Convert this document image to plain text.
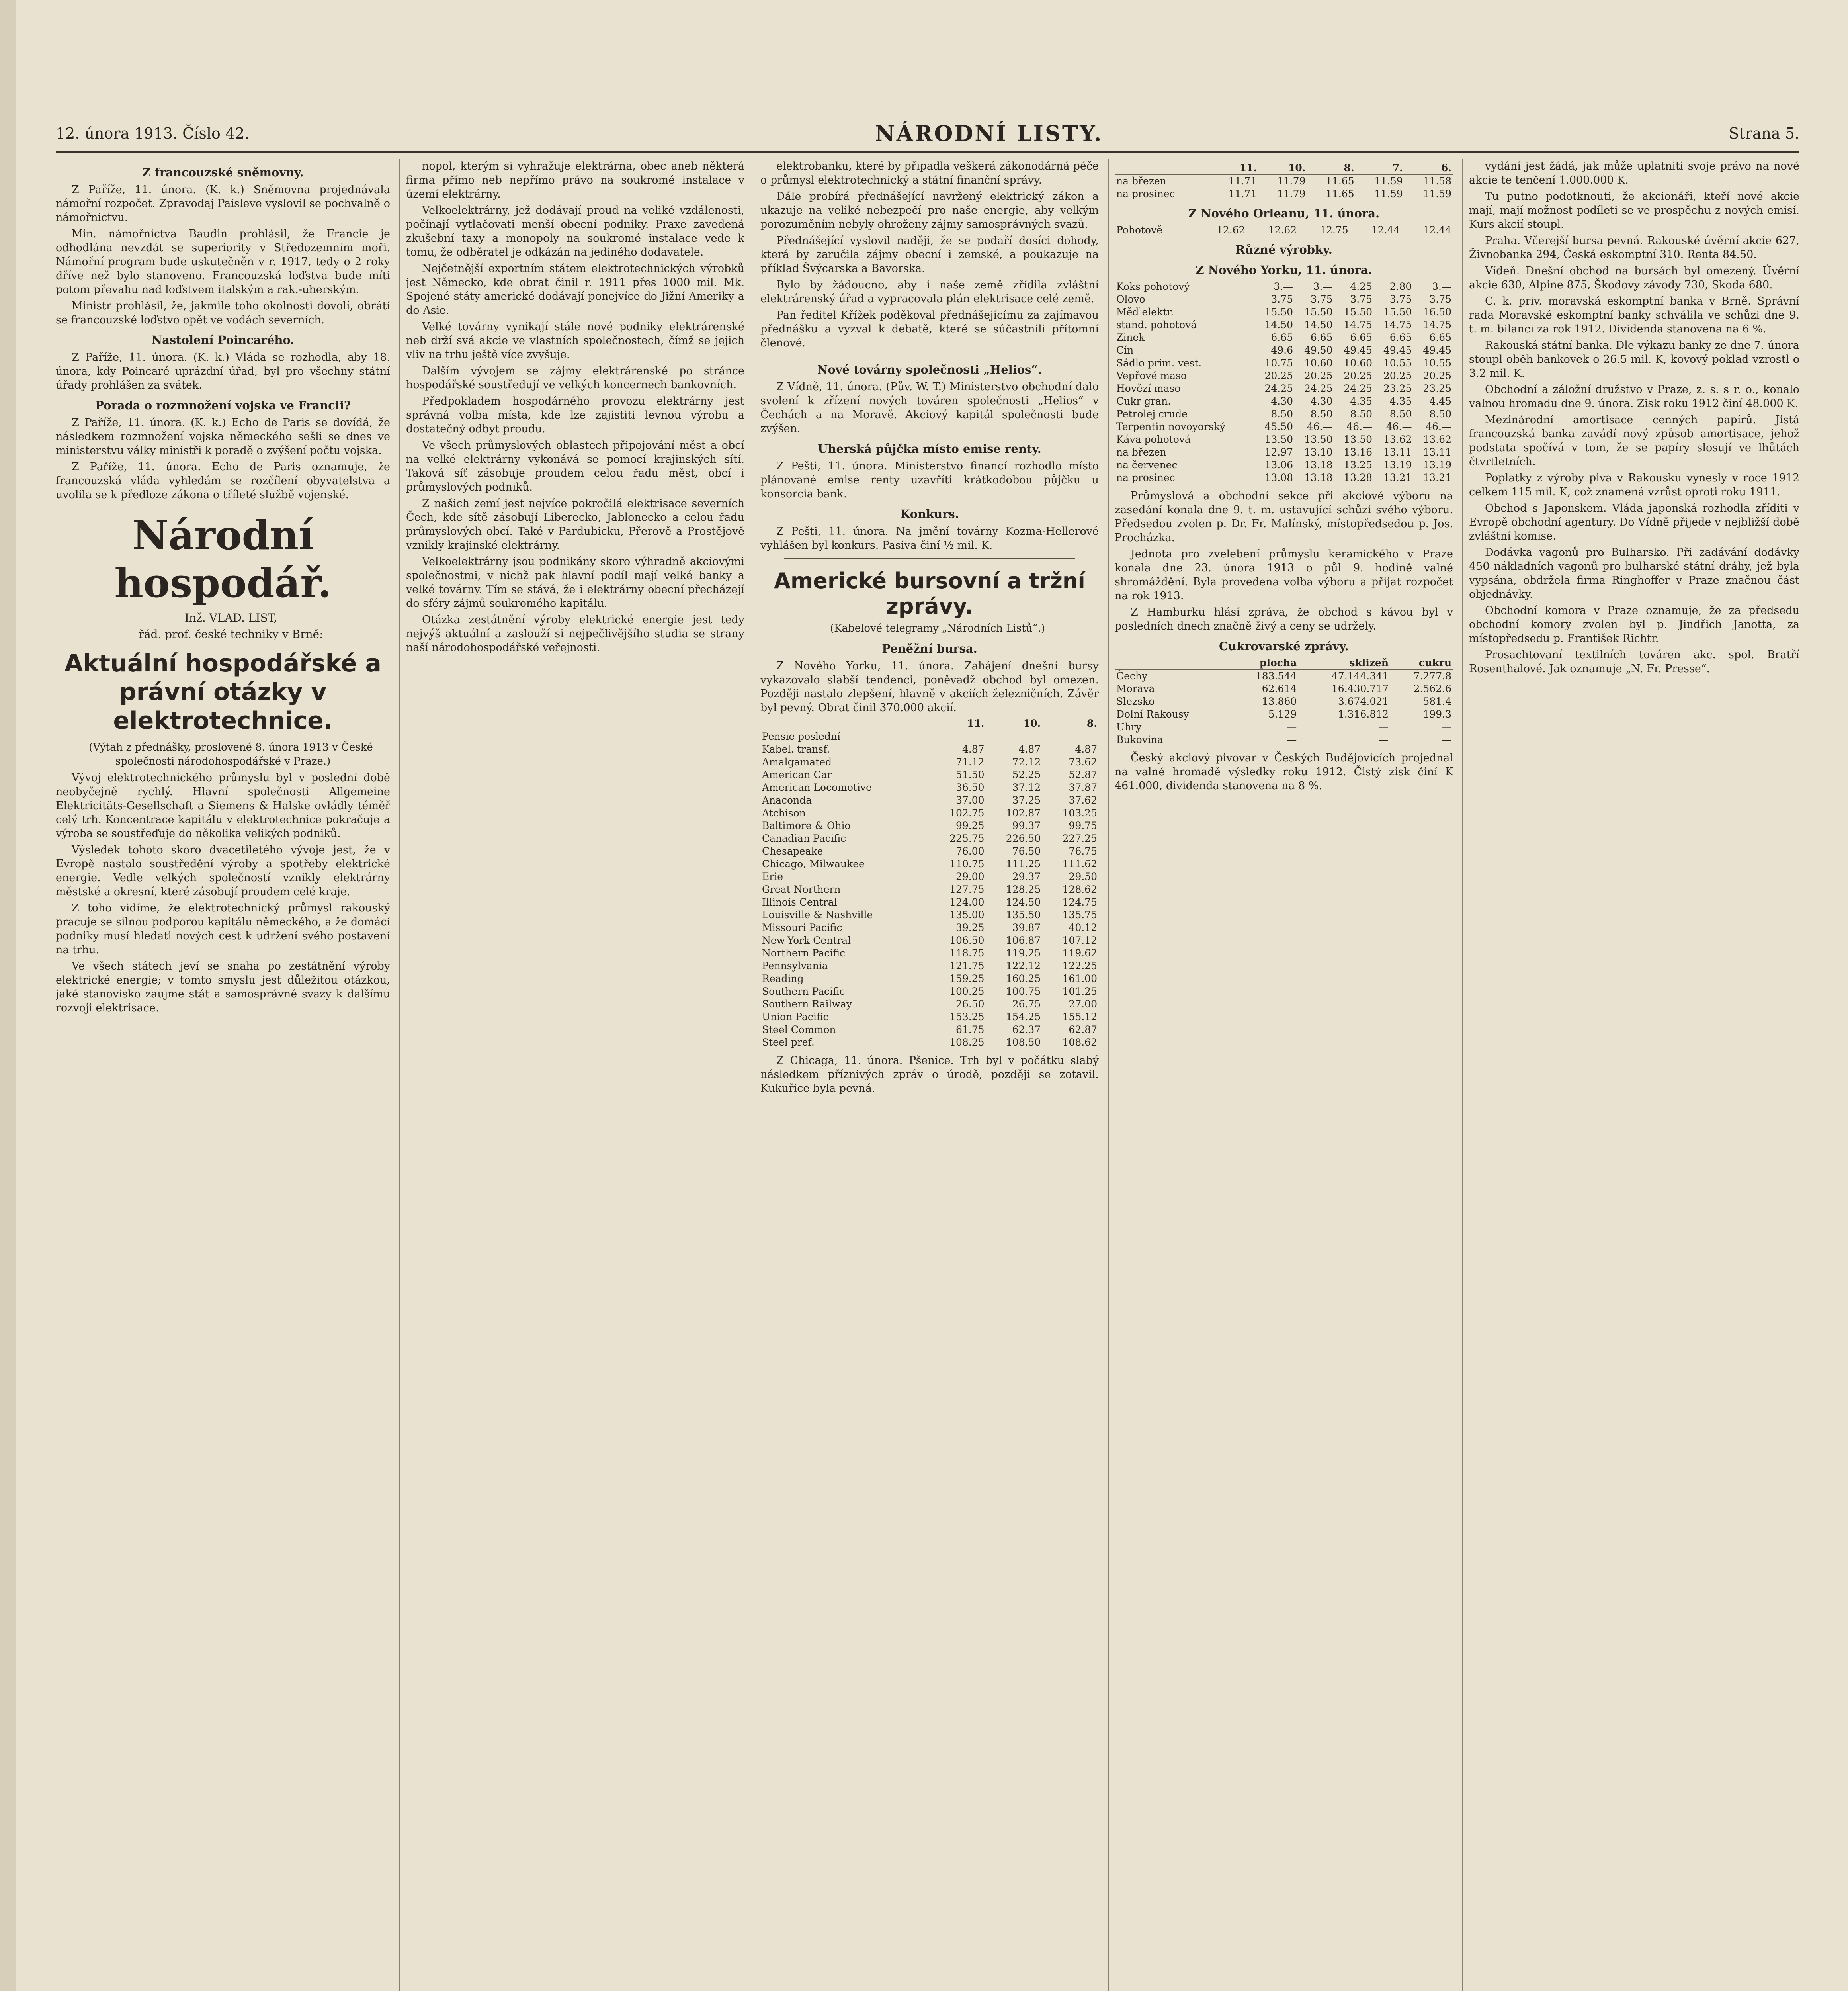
12. února 1913. Číslo 42.	NÁRODNÍ LISTY.	Strana 5.

Z francouzské sněmovny.

Z Paříže, 11. února. (K. k.) Sněmovna projednávala námořní rozpočet. Zpravodaj Paisleve vyslovil se pochvalně o námořnictvu.

Min. námořnictva Baudin prohlásil, že Francie je odhodlána nevzdát se superiority v Středozemním moři. Námořní program bude uskutečněn v r. 1917, tedy o 2 roky dříve než bylo stanoveno. Francouzská loďstva bude míti potom převahu nad loďstvem italským a rak.-uherským.

Ministr prohlásil, že, jakmile toho okolnosti dovolí, obrátí se francouzské loďstvo opět ve vodách severních.

Nastolení Poincarého.

Z Paříže, 11. února. (K. k.) Vláda se rozhodla, aby 18. února, kdy Poincaré uprázdní úřad, byl pro všechny státní úřady prohlášen za svátek.

Porada o rozmnožení vojska ve Francii?

Z Paříže, 11. února. (K. k.) Echo de Paris se dovídá, že následkem rozmnožení vojska německého sešli se dnes ve ministerstvu války ministři k poradě o zvýšení počtu vojska.

Z Paříže, 11. února. Echo de Paris oznamuje, že francouzská vláda vyhledám se rozčílení obyvatelstva a uvolila se k předloze zákona o tříleté službě vojenské.

Národní hospodář.

Inž. VLAD. LIST,

řád. prof. české techniky v Brně:

Aktuální hospodářské a právní otázky v elektrotechnice.

(Výtah z přednášky, proslovené 8. února 1913 v České společnosti národohospodářské v Praze.)

Vývoj elektrotechnického průmyslu byl v poslední době neobyčejně rychlý. Hlavní společnosti Allgemeine Elektricitäts-Gesellschaft a Siemens & Halske ovládly téměř celý trh. Koncentrace kapitálu v elektrotechnice pokračuje a výroba se soustřeďuje do několika velikých podniků.

Výsledek tohoto skoro dvacetiletého vývoje jest, že v Evropě nastalo soustředění výroby a spotřeby elektrické energie. Vedle velkých společností vznikly elektrárny městské a okresní, které zásobují proudem celé kraje.

Z toho vidíme, že elektrotechnický průmysl rakouský pracuje se silnou podporou kapitálu německého, a že domácí podniky musí hledati nových cest k udržení svého postavení na trhu.

Ve všech státech jeví se snaha po zestátnění výroby elektrické energie; v tomto smyslu jest důležitou otázkou, jaké stanovisko zaujme stát a samosprávné svazy k dalšímu rozvoji elektrisace.

nopol, kterým si vyhražuje elektrárna, obec aneb některá firma přímo neb nepřímo právo na soukromé instalace v území elektrárny.

Velkoelektrárny, jež dodávají proud na veliké vzdálenosti, počínají vytlačovati menší obecní podniky. Praxe zavedená zkušební taxy a monopoly na soukromé instalace vede k tomu, že odběratel je odkázán na jediného dodavatele.

Nejčetnější exportním státem elektrotechnických výrobků jest Německo, kde obrat činil r. 1911 přes 1000 mil. Mk. Spojené státy americké dodávají ponejvíce do Jižní Ameriky a do Asie.

Velké továrny vynikají stále nové podniky elektrárenské neb drží svá akcie ve vlastních společnostech, čímž se jejich vliv na trhu ještě více zvyšuje.

Dalším vývojem se zájmy elektrárenské po stránce hospodářské soustředují ve velkých koncernech bankovních.

Předpokladem hospodárného provozu elektrárny jest správná volba místa, kde lze zajistiti levnou výrobu a dostatečný odbyt proudu.

Ve všech průmyslových oblastech připojování měst a obcí na velké elektrárny vykonává se pomocí krajinských sítí. Taková síť zásobuje proudem celou řadu měst, obcí i průmyslových podniků.

Z našich zemí jest nejvíce pokročilá elektrisace severních Čech, kde sítě zásobují Liberecko, Jablonecko a celou řadu průmyslových obcí. Také v Pardubicku, Přerově a Prostějově vznikly krajinské elektrárny.

Velkoelektrárny jsou podnikány skoro výhradně akciovými společnostmi, v nichž pak hlavní podíl mají velké banky a velké továrny. Tím se stává, že i elektrárny obecní přecházejí do sféry zájmů soukromého kapitálu.

Otázka zestátnění výroby elektrické energie jest tedy nejvýš aktuální a zaslouží si nejpečlivějšího studia se strany naší národohospodářské veřejnosti.

elektrobanku, které by připadla veškerá zákonodárná péče o průmysl elektrotechnický a státní finanční správy.

Dále probírá přednášející navržený elektrický zákon a ukazuje na veliké nebezpečí pro naše energie, aby velkým porozuměním nebyly ohroženy zájmy samosprávných svazů.

Přednášející vyslovil naději, že se podaří dosíci dohody, která by zaručila zájmy obecní i zemské, a poukazuje na příklad Švýcarska a Bavorska.

Bylo by žádoucno, aby i naše země zřídila zvláštní elektrárenský úřad a vypracovala plán elektrisace celé země.

Pan ředitel Křížek poděkoval přednášejícímu za zajímavou přednášku a vyzval k debatě, které se súčastnili přítomní členové.

Nové továrny společnosti „Helios“.

Z Vídně, 11. února. (Pův. W. T.) Ministerstvo obchodní dalo svolení k zřízení nových továren společnosti „Helios“ v Čechách a na Moravě. Akciový kapitál společnosti bude zvýšen.

Uherská půjčka místo emise renty.

Z Pešti, 11. února. Ministerstvo financí rozhodlo místo plánované emise renty uzavříti krátkodobou půjčku u konsorcia bank.

Konkurs.

Z Pešti, 11. února. Na jmění továrny Kozma-Hellerové vyhlášen byl konkurs. Pasiva činí ½ mil. K.

Americké bursovní a tržní zprávy.

(Kabelové telegramy „Národních Listů“.)

Peněžní bursa.

Z Nového Yorku, 11. února. Zahájení dnešní bursy vykazovalo slabší tendenci, poněvadž obchod byl omezen. Později nastalo zlepšení, hlavně v akciích železničních. Závěr byl pevný. Obrat činil 370.000 akcií.

	11.	10.	8.
Pensie poslední	—	—	—
Kabel. transf.	4.87	4.87	4.87
Amalgamated	71.12	72.12	73.62
American Car	51.50	52.25	52.87
American Locomotive	36.50	37.12	37.87
Anaconda	37.00	37.25	37.62
Atchison	102.75	102.87	103.25
Baltimore & Ohio	99.25	99.37	99.75
Canadian Pacific	225.75	226.50	227.25
Chesapeake	76.00	76.50	76.75
Chicago, Milwaukee	110.75	111.25	111.62
Erie	29.00	29.37	29.50
Great Northern	127.75	128.25	128.62
Illinois Central	124.00	124.50	124.75
Louisville & Nashville	135.00	135.50	135.75
Missouri Pacific	39.25	39.87	40.12
New-York Central	106.50	106.87	107.12
Northern Pacific	118.75	119.25	119.62
Pennsylvania	121.75	122.12	122.25
Reading	159.25	160.25	161.00
Southern Pacific	100.25	100.75	101.25
Southern Railway	26.50	26.75	27.00
Union Pacific	153.25	154.25	155.12
Steel Common	61.75	62.37	62.87
Steel pref.	108.25	108.50	108.62

Z Chicaga, 11. února. Pšenice. Trh byl v počátku slabý následkem příznivých zpráv o úrodě, později se zotavil. Kukuřice byla pevná.

	11.	10.	8.	7.	6.
na březen	11.71	11.79	11.65	11.59	11.58
na prosinec	11.71	11.79	11.65	11.59	11.59

Z Nového Orleanu, 11. února.

Pohotově	12.62	12.62	12.75	12.44	12.44

Různé výrobky.

Z Nového Yorku, 11. února.

Koks pohotový	3.—	3.—	4.25	2.80	3.—
Olovo	3.75	3.75	3.75	3.75	3.75
Měď elektr.	15.50	15.50	15.50	15.50	16.50
stand. pohotová	14.50	14.50	14.75	14.75	14.75
Zinek	6.65	6.65	6.65	6.65	6.65
Cín	49.6	49.50	49.45	49.45	49.45
Sádlo prim. vest.	10.75	10.60	10.60	10.55	10.55
Vepřové maso	20.25	20.25	20.25	20.25	20.25
Hovězí maso	24.25	24.25	24.25	23.25	23.25
Cukr gran.	4.30	4.30	4.35	4.35	4.45
Petrolej crude	8.50	8.50	8.50	8.50	8.50
Terpentin novoyorský	45.50	46.—	46.—	46.—	46.—
Káva pohotová	13.50	13.50	13.50	13.62	13.62
na březen	12.97	13.10	13.16	13.11	13.11
na červenec	13.06	13.18	13.25	13.19	13.19
na prosinec	13.08	13.18	13.28	13.21	13.21

Průmyslová a obchodní sekce při akciové výboru na zasedání konala dne 9. t. m. ustavující schůzi svého výboru. Předsedou zvolen p. Dr. Fr. Malínský, místopředsedou p. Jos. Procházka.

Jednota pro zvelebení průmyslu keramického v Praze konala dne 23. února 1913 o půl 9. hodině valné shromáždění. Byla provedena volba výboru a přijat rozpočet na rok 1913.

Z Hamburku hlásí zpráva, že obchod s kávou byl v posledních dnech značně živý a ceny se udržely.

Cukrovarské zprávy.

	plocha	sklizeň	cukru
Čechy	183.544	47.144.341	7.277.8
Morava	62.614	16.430.717	2.562.6
Slezsko	13.860	3.674.021	581.4
Dolní Rakousy	5.129	1.316.812	199.3
Uhry	—	—	—
Bukovina	—	—	—

Český akciový pivovar v Českých Budějovicích projednal na valné hromadě výsledky roku 1912. Čistý zisk činí K 461.000, dividenda stanovena na 8 %.

vydání jest žádá, jak může uplatniti svoje právo na nové akcie te tenčení 1.000.000 K.

Tu putno podotknouti, že akcionáři, kteří nové akcie mají, mají možnost podíleti se ve prospěchu z nových emisí. Kurs akcií stoupl.

Praha. Včerejší bursa pevná. Rakouské úvěrní akcie 627, Živnobanka 294, Česká eskomptní 310. Renta 84.50.

Vídeň. Dnešní obchod na bursách byl omezený. Úvěrní akcie 630, Alpine 875, Škodovy závody 730, Skoda 680.

C. k. priv. moravská eskomptní banka v Brně. Správní rada Moravské eskomptní banky schválila ve schůzi dne 9. t. m. bilanci za rok 1912. Dividenda stanovena na 6 %.

Rakouská státní banka. Dle výkazu banky ze dne 7. února stoupl oběh bankovek o 26.5 mil. K, kovový poklad vzrostl o 3.2 mil. K.

Obchodní a záložní družstvo v Praze, z. s. s r. o., konalo valnou hromadu dne 9. února. Zisk roku 1912 činí 48.000 K.

Mezinárodní amortisace cenných papírů. Jistá francouzská banka zavádí nový způsob amortisace, jehož podstata spočívá v tom, že se papíry slosují ve lhůtách čtvrtletních.

Poplatky z výroby piva v Rakousku vynesly v roce 1912 celkem 115 mil. K, což znamená vzrůst oproti roku 1911.

Obchod s Japonskem. Vláda japonská rozhodla zříditi v Evropě obchodní agentury. Do Vídně přijede v nejbližší době zvláštní komise.

Dodávka vagonů pro Bulharsko. Při zadávání dodávky 450 nákladních vagonů pro bulharské státní dráhy, jež byla vypsána, obdržela firma Ringhoffer v Praze značnou část objednávky.

Obchodní komora v Praze oznamuje, že za předsedu obchodní komory zvolen byl p. Jindřich Janotta, za místopředsedu p. František Richtr.

Prosachtovaní textilních továren akc. spol. Bratří Rosenthalové. Jak oznamuje „N. Fr. Presse“.
